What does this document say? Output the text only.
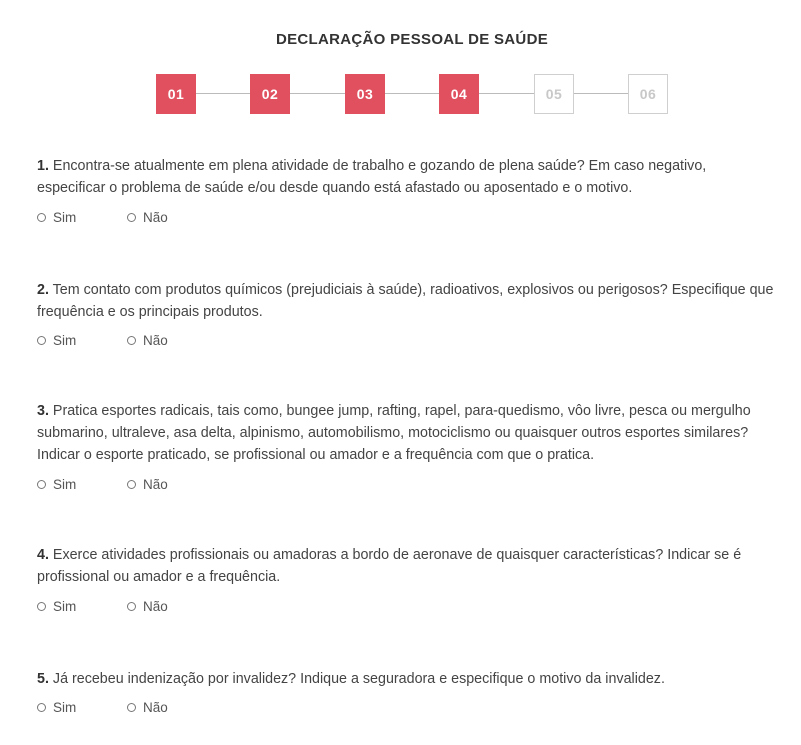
DECLARAÇÃO PESSOAL DE SAÚDE
01	02	03	04	05	06
1. Encontra-se atualmente em plena atividade de trabalho e gozando de plena saúde? Em caso negativo, especificar o problema de saúde e/ou desde quando está afastado ou aposentado e o motivo.
Sim	Não
2. Tem contato com produtos químicos (prejudiciais à saúde), radioativos, explosivos ou perigosos? Especifique que frequência e os principais produtos.
Sim	Não
3. Pratica esportes radicais, tais como, bungee jump, rafting, rapel, para-quedismo, vôo livre, pesca ou mergulho submarino, ultraleve, asa delta, alpinismo, automobilismo, motociclismo ou quaisquer outros esportes similares? Indicar o esporte praticado, se profissional ou amador e a frequência com que o pratica.
Sim	Não
4. Exerce atividades profissionais ou amadoras a bordo de aeronave de quaisquer características? Indicar se é profissional ou amador e a frequência.
Sim	Não
5. Já recebeu indenização por invalidez? Indique a seguradora e especifique o motivo da invalidez.
Sim	Não
